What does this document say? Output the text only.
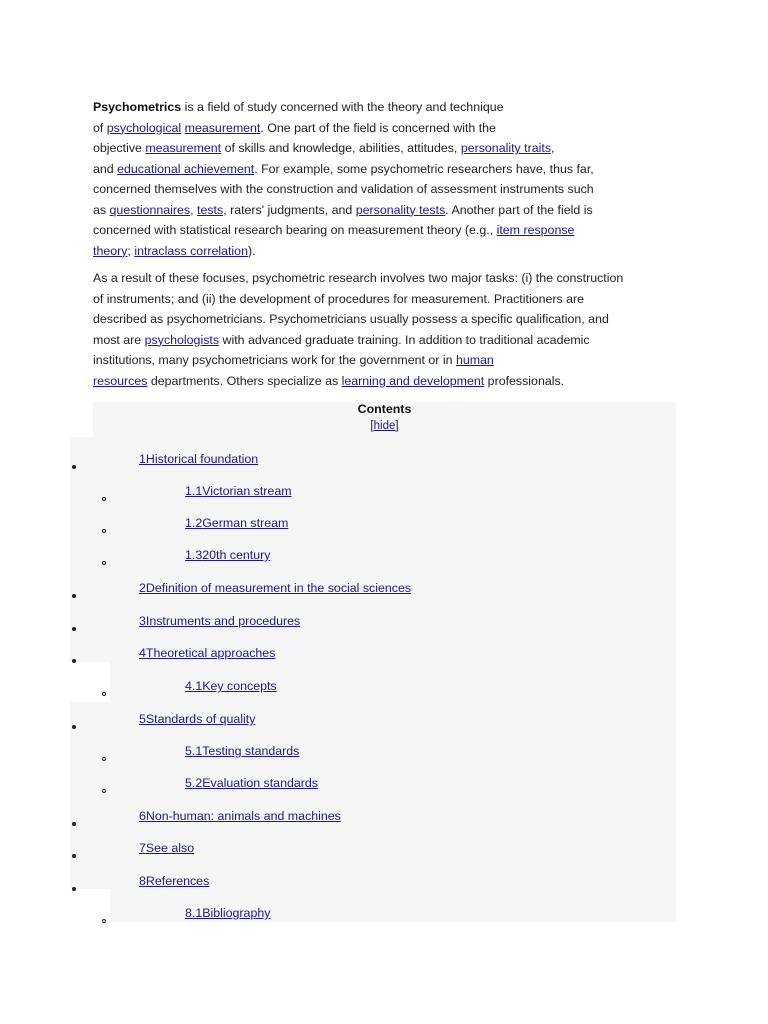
Psychometrics is a field of study concerned with the theory and technique
of psychological measurement. One part of the field is concerned with the
objective measurement of skills and knowledge, abilities, attitudes, personality traits,
and educational achievement. For example, some psychometric researchers have, thus far,
concerned themselves with the construction and validation of assessment instruments such
as questionnaires, tests, raters' judgments, and personality tests. Another part of the field is
concerned with statistical research bearing on measurement theory (e.g., item response
theory; intraclass correlation).
As a result of these focuses, psychometric research involves two major tasks: (i) the construction
of instruments; and (ii) the development of procedures for measurement. Practitioners are
described as psychometricians. Psychometricians usually possess a specific qualification, and
most are psychologists with advanced graduate training. In addition to traditional academic
institutions, many psychometricians work for the government or in human
resources departments. Others specialize as learning and development professionals.
Contents
[hide]
1Historical foundation
1.1Victorian stream
1.2German stream
1.320th century
2Definition of measurement in the social sciences
3Instruments and procedures
4Theoretical approaches
4.1Key concepts
5Standards of quality
5.1Testing standards
5.2Evaluation standards
6Non-human: animals and machines
7See also
8References
8.1Bibliography
